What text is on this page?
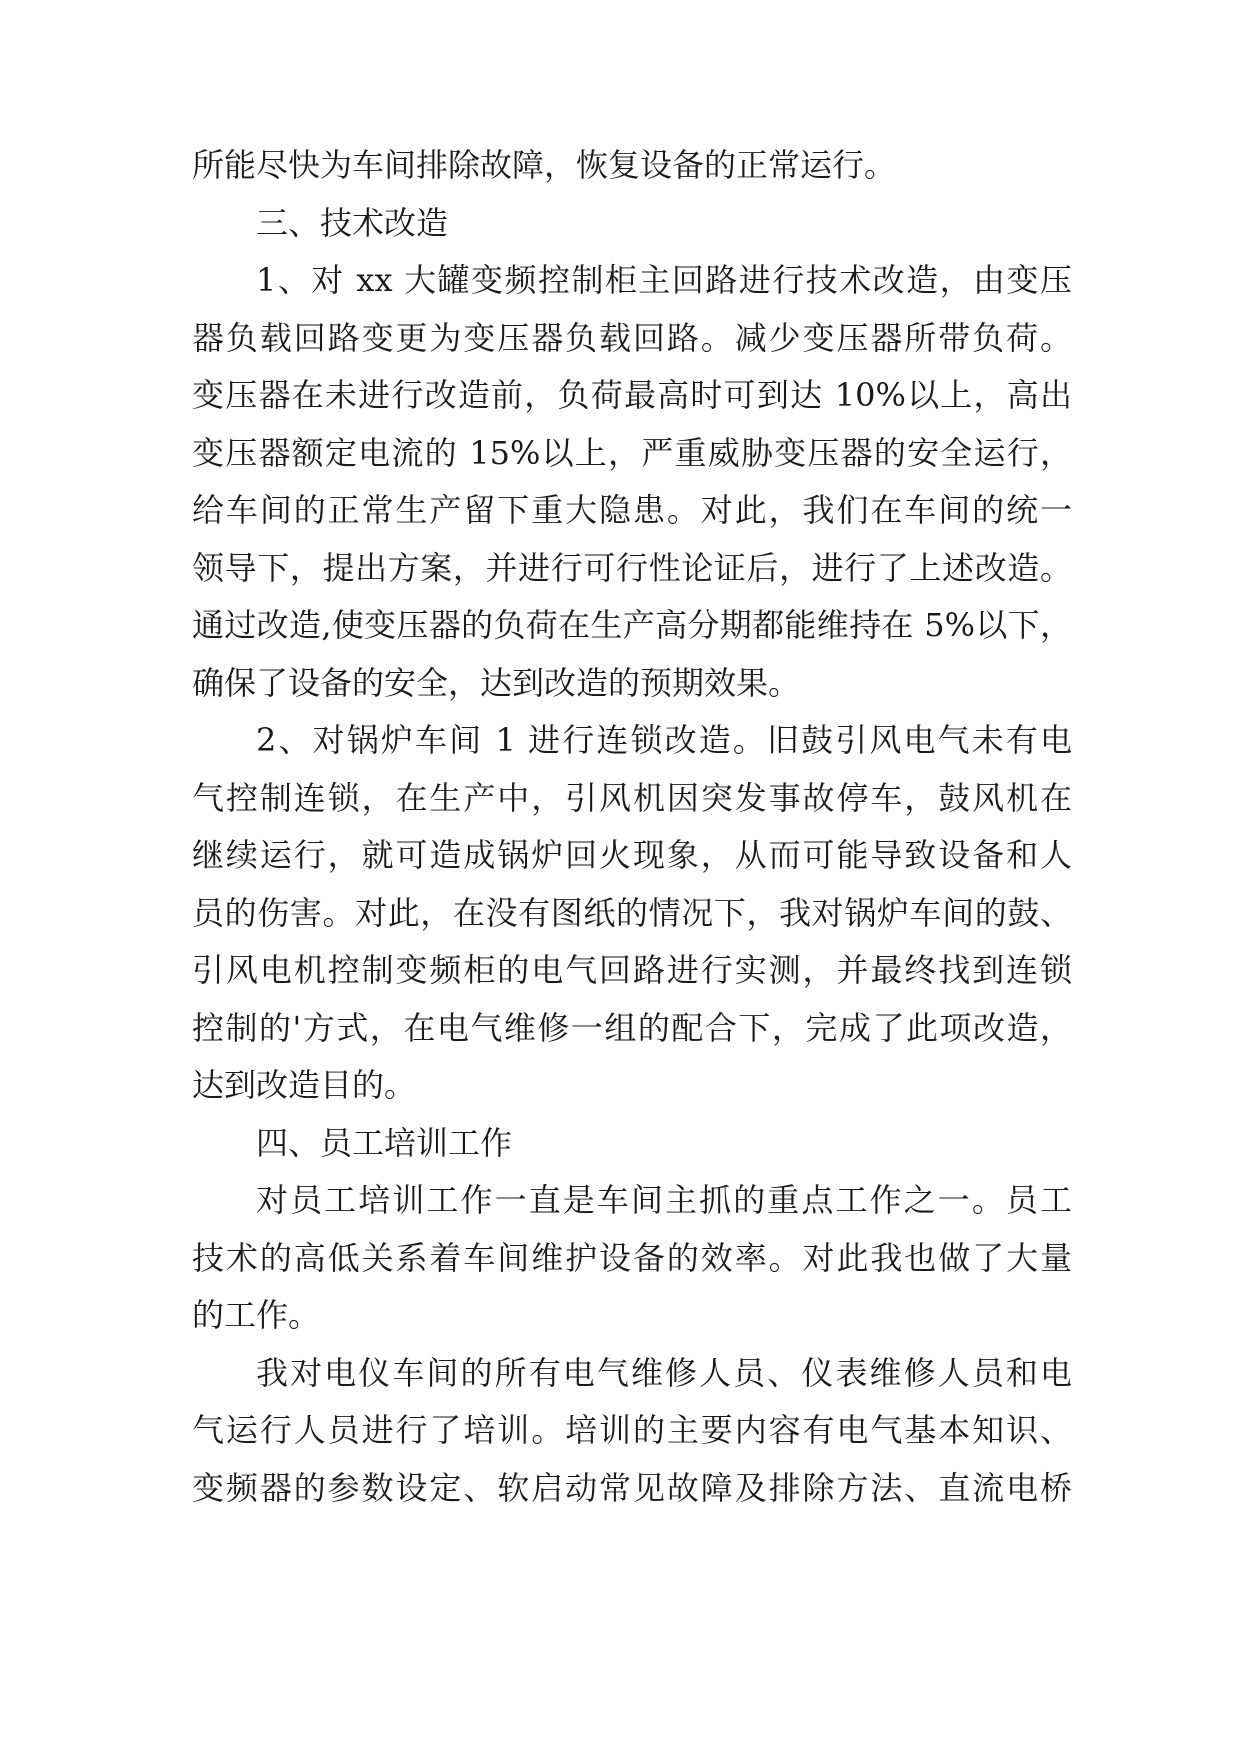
所能尽快为车间排除故障，恢复设备的正常运行。
三、技术改造
1、对 xx 大罐变频控制柜主回路进行技术改造，由变压
器负载回路变更为变压器负载回路。减少变压器所带负荷。
变压器在未进行改造前，负荷最高时可到达 10%以上，高出
变压器额定电流的 15%以上，严重威胁变压器的安全运行，
给车间的正常生产留下重大隐患。对此，我们在车间的统一
领导下，提出方案，并进行可行性论证后，进行了上述改造。
通过改造,使变压器的负荷在生产高分期都能维持在 5%以下，
确保了设备的安全，达到改造的预期效果。
2、对锅炉车间 1 进行连锁改造。旧鼓引风电气未有电
气控制连锁，在生产中，引风机因突发事故停车，鼓风机在
继续运行，就可造成锅炉回火现象，从而可能导致设备和人
员的伤害。对此，在没有图纸的情况下，我对锅炉车间的鼓、
引风电机控制变频柜的电气回路进行实测，并最终找到连锁
控制的'方式，在电气维修一组的配合下，完成了此项改造，
达到改造目的。
四、员工培训工作
对员工培训工作一直是车间主抓的重点工作之一。员工
技术的高低关系着车间维护设备的效率。对此我也做了大量
的工作。
我对电仪车间的所有电气维修人员、仪表维修人员和电
气运行人员进行了培训。培训的主要内容有电气基本知识、
变频器的参数设定、软启动常见故障及排除方法、直流电桥
